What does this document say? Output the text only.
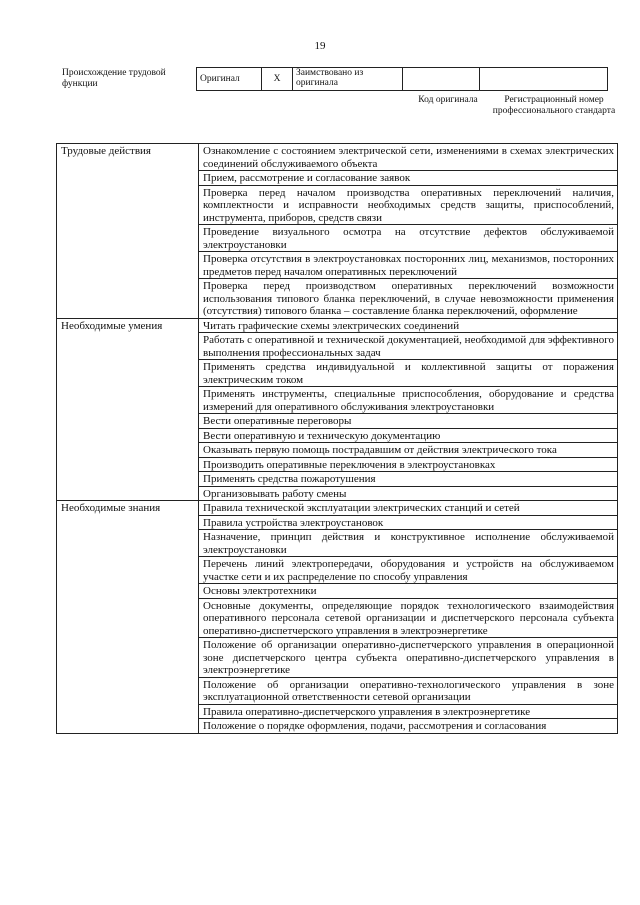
19
Происхождение трудовой функции	Оригинал	X	Заимствовано из оригинала		
Код оригинала	Регистрационный номер профессионального стандарта
Трудовые действия	Ознакомление с состоянием электрической сети, изменениями в схемах электрических соединений обслуживаемого объекта
	Прием, рассмотрение и согласование заявок
	Проверка перед началом производства оперативных переключений наличия, комплектности и исправности необходимых средств защиты, приспособлений, инструмента, приборов, средств связи
	Проведение визуального осмотра на отсутствие дефектов обслуживаемой электроустановки
	Проверка отсутствия в электроустановках посторонних лиц, механизмов, посторонних предметов перед началом оперативных переключений
	Проверка перед производством оперативных переключений возможности использования типового бланка переключений, в случае невозможности применения (отсутствия) типового бланка – составление бланка переключений, оформление
Необходимые умения	Читать графические схемы электрических соединений
	Работать с оперативной и технической документацией, необходимой для эффективного выполнения профессиональных задач
	Применять средства индивидуальной и коллективной защиты от поражения электрическим током
	Применять инструменты, специальные приспособления, оборудование и средства измерений для оперативного обслуживания электроустановки
	Вести оперативные переговоры
	Вести оперативную и техническую документацию
	Оказывать первую помощь пострадавшим от действия электрического тока
	Производить оперативные переключения в электроустановках
	Применять средства пожаротушения
	Организовывать работу смены
Необходимые знания	Правила технической эксплуатации электрических станций и сетей
	Правила устройства электроустановок
	Назначение, принцип действия и конструктивное исполнение обслуживаемой электроустановки
	Перечень линий электропередачи, оборудования и устройств на обслуживаемом участке сети и их распределение по способу управления
	Основы электротехники
	Основные документы, определяющие порядок технологического взаимодействия оперативного персонала сетевой организации и диспетчерского персонала субъекта оперативно-диспетчерского управления в электроэнергетике
	Положение об организации оперативно-диспетчерского управления в операционной зоне диспетчерского центра субъекта оперативно-диспетчерского управления в электроэнергетике
	Положение об организации оперативно-технологического управления в зоне эксплуатационной ответственности сетевой организации
	Правила оперативно-диспетчерского управления в электроэнергетике
	Положение о порядке оформления, подачи, рассмотрения и согласования
